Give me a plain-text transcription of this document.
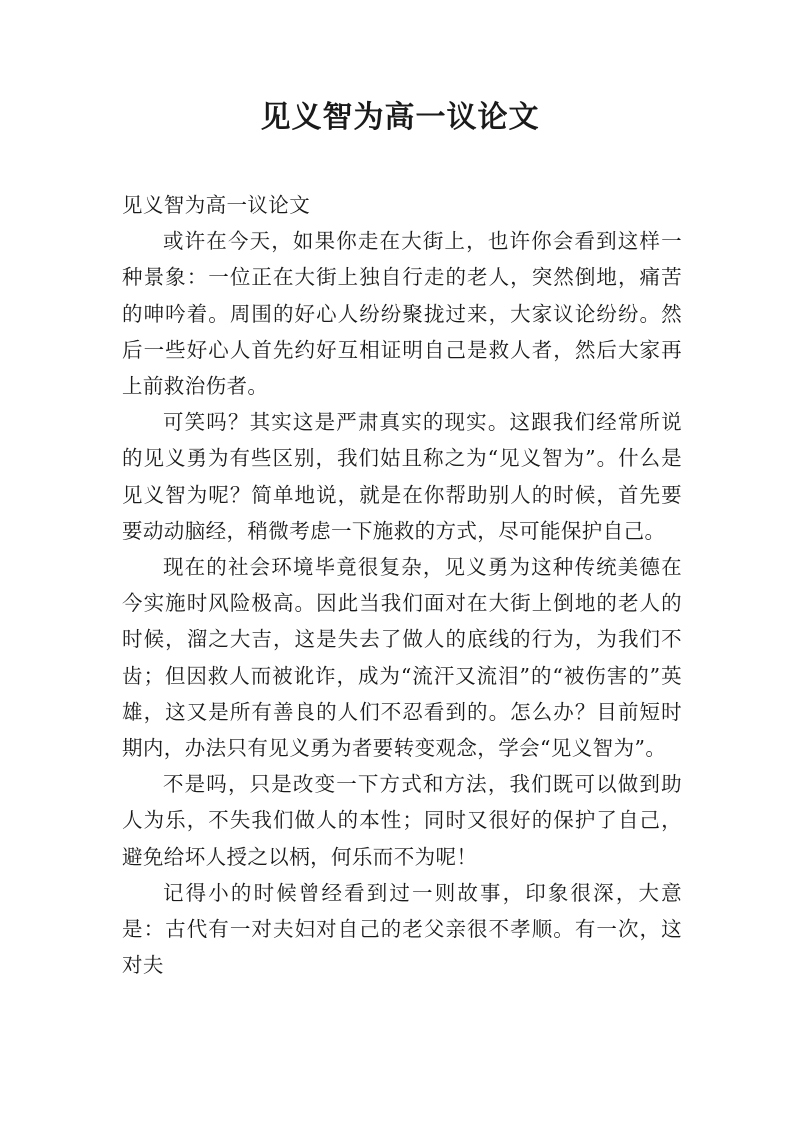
见义智为高一议论文

见义智为高一议论文

或许在今天，如果你走在大街上，也许你会看到这样一种景象：一位正在大街上独自行走的老人，突然倒地，痛苦的呻吟着。周围的好心人纷纷聚拢过来，大家议论纷纷。然后一些好心人首先约好互相证明自己是救人者，然后大家再上前救治伤者。

可笑吗？其实这是严肃真实的现实。这跟我们经常所说的见义勇为有些区别，我们姑且称之为“见义智为”。什么是见义智为呢？简单地说，就是在你帮助别人的时候，首先要要动动脑经，稍微考虑一下施救的方式，尽可能保护自己。

现在的社会环境毕竟很复杂，见义勇为这种传统美德在今实施时风险极高。因此当我们面对在大街上倒地的老人的时候，溜之大吉，这是失去了做人的底线的行为，为我们不齿；但因救人而被讹诈，成为“流汗又流泪”的“被伤害的”英雄，这又是所有善良的人们不忍看到的。怎么办？目前短时期内，办法只有见义勇为者要转变观念，学会“见义智为”。

不是吗，只是改变一下方式和方法，我们既可以做到助人为乐，不失我们做人的本性；同时又很好的保护了自己，避免给坏人授之以柄，何乐而不为呢！

记得小的时候曾经看到过一则故事，印象很深，大意是：古代有一对夫妇对自己的老父亲很不孝顺。有一次，这对夫
